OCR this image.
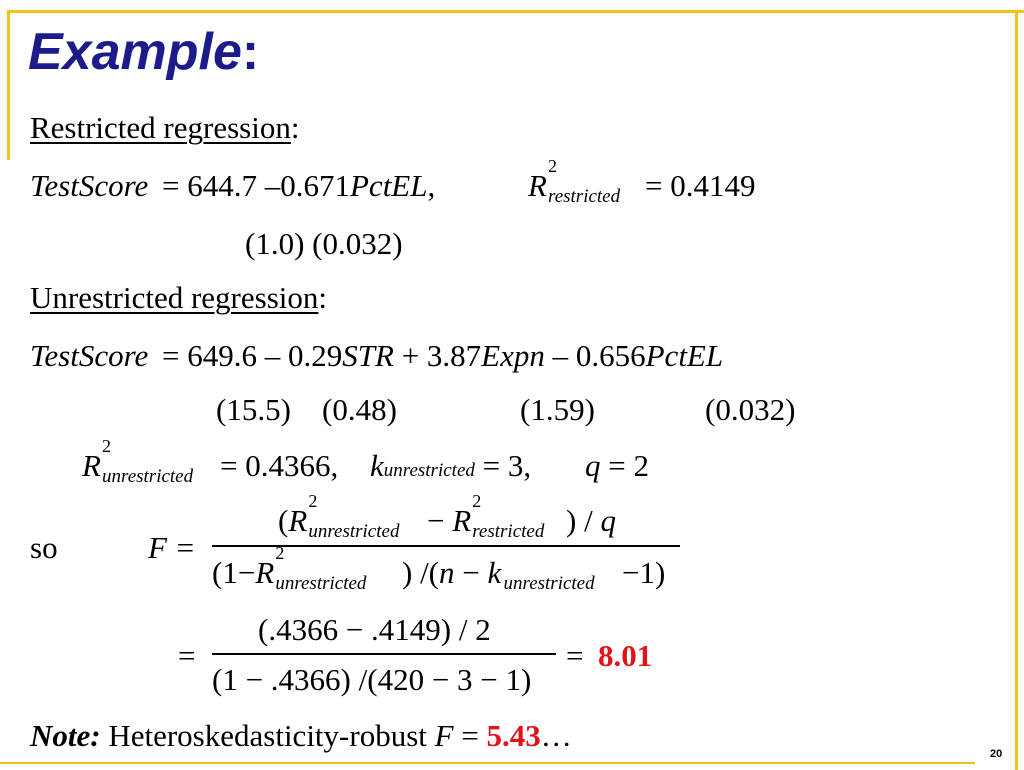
Example:
Restricted regression:
TestScore = 644.7 –0.671PctEL,	R
2
restricted = 0.4149
(1.0) (0.032)
Unrestricted regression:
TestScore = 649.6 – 0.29STR + 3.87Expn – 0.656PctEL
(15.5) (0.48)	(1.59)	(0.032)
R
2
unrestricted = 0.4366, kunrestricted = 3, q = 2
so	F =
(R
2
unrestricted − R
2
restricted ) / q
(1−R
2
unrestricted ) /(n − k unrestricted −1)
=
(.4366 − .4149) / 2
(1 − .4366) /(420 − 3 − 1)
= 8.01
Note: Heteroskedasticity-robust F = 5.43…
20
